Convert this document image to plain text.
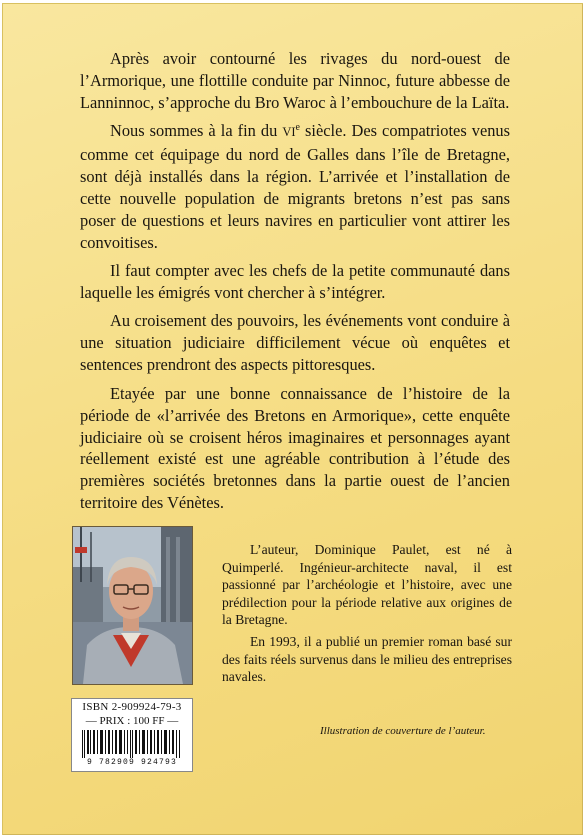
Après avoir contourné les rivages du nord-ouest de l’Armorique, une flottille conduite par Ninnoc, future abbesse de Lanninnoc, s’approche du Bro Waroc à l’embouchure de la Laïta.

Nous sommes à la fin du VIe siècle. Des compatriotes venus comme cet équipage du nord de Galles dans l’île de Bretagne, sont déjà installés dans la région. L’arrivée et l’installation de cette nouvelle population de migrants bretons n’est pas sans poser de questions et leurs navires en particulier vont attirer les convoitises.

Il faut compter avec les chefs de la petite communauté dans laquelle les émigrés vont chercher à s’intégrer.

Au croisement des pouvoirs, les événements vont conduire à une situation judiciaire difficilement vécue où enquêtes et sentences prendront des aspects pittoresques.

Etayée par une bonne connaissance de l’histoire de la période de «l’arrivée des Bretons en Armorique», cette enquête judiciaire où se croisent héros imaginaires et personnages ayant réellement existé est une agréable contribution à l’étude des premières sociétés bretonnes dans la partie ouest de l’ancien territoire des Vénètes.

L’auteur, Dominique Paulet, est né à Quimperlé. Ingénieur-architecte naval, il est passionné par l’archéologie et l’histoire, avec une prédilection pour la période relative aux origines de la Bretagne.

En 1993, il a publié un premier roman basé sur des faits réels survenus dans le milieu des entreprises navales.

ISBN 2-909924-79-3
— PRIX : 100 FF —
9 782909 924793
Illustration de couverture de l’auteur.
